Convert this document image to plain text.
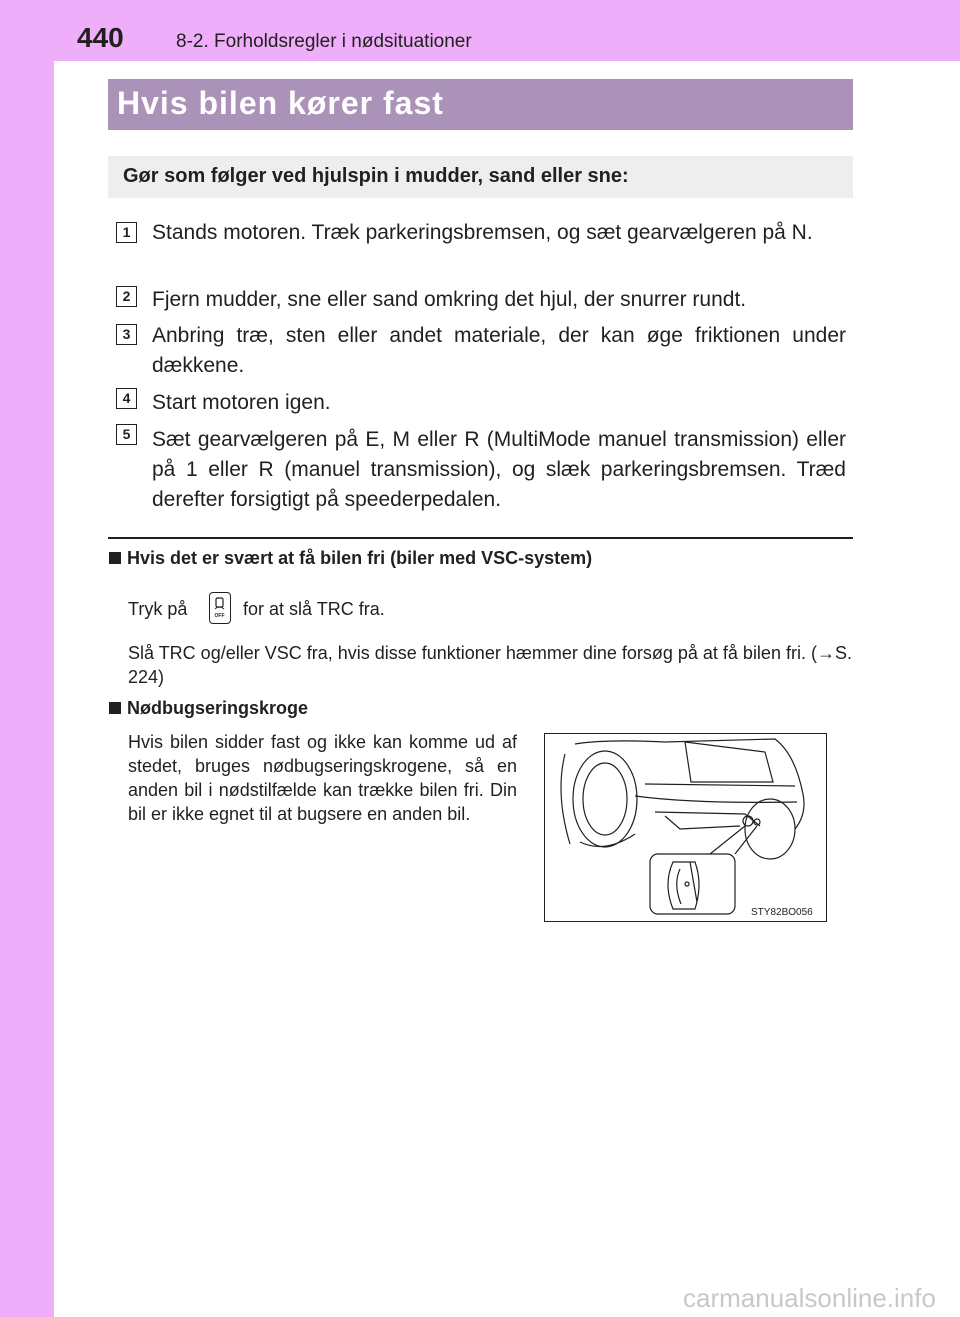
440	8-2. Forholdsregler i nødsituationer
Hvis bilen kører fast
Gør som følger ved hjulspin i mudder, sand eller sne:
1	Stands motoren. Træk parkeringsbremsen, og sæt gearvælgeren på N.
2	Fjern mudder, sne eller sand omkring det hjul, der snurrer rundt.
3	Anbring træ, sten eller andet materiale, der kan øge friktionen under dækkene.
4	Start motoren igen.
5	Sæt gearvælgeren på E, M eller R (MultiMode manuel transmission) eller på 1 eller R (manuel transmission), og slæk parkeringsbremsen. Træd derefter forsigtigt på speederpedalen.
Hvis det er svært at få bilen fri (biler med VSC-system)
Tryk på	OFF for at slå TRC fra.
Slå TRC og/eller VSC fra, hvis disse funktioner hæmmer dine forsøg på at få bilen fri. (→S. 224)
Nødbugseringskroge
Hvis bilen sidder fast og ikke kan komme ud af stedet, bruges nødbugseringskrogene, så en anden bil i nødstilfælde kan trække bilen fri. Din bil er ikke egnet til at bugsere en anden bil.
STY82BO056
carmanualsonline.info
